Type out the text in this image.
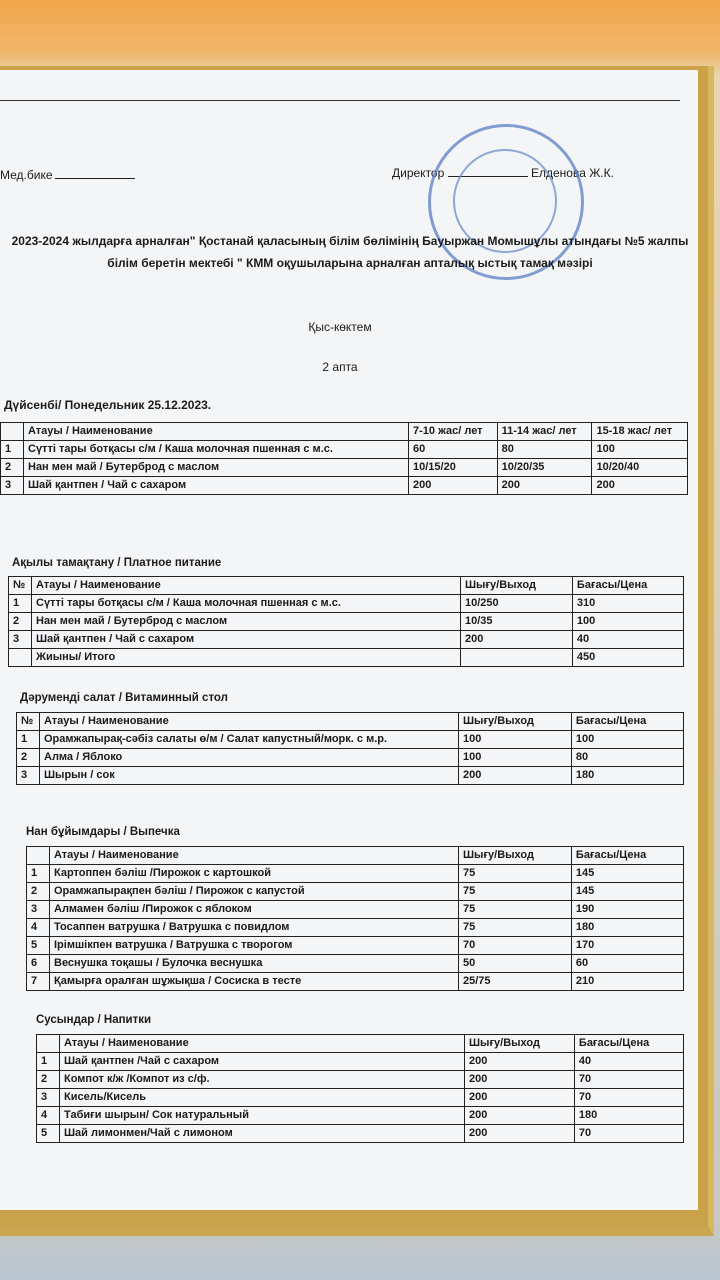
Мед.бике	Директор	Елденова Ж.К.
2023-2024 жылдарға арналған" Қостанай қаласының білім бөлімінің Бауыржан Момышұлы атындағы №5 жалпы білім беретін мектебі " КММ оқушыларына арналған апталық ыстық тамақ мәзірі
Қыс-көктем
2 апта
Дүйсенбі/ Понедельник 25.12.2023.
	Атауы / Наименование	7-10 жас/ лет	11-14 жас/ лет	15-18 жас/ лет
1	Сүтті тары ботқасы с/м / Каша молочная пшенная с м.с.	60	80	100
2	Нан мен май / Бутерброд с маслом	10/15/20	10/20/35	10/20/40
3	Шай қантпен / Чай с сахаром	200	200	200
Ақылы тамақтану / Платное питание
№	Атауы / Наименование	Шығу/Выход	Бағасы/Цена
1	Сүтті тары ботқасы с/м / Каша молочная пшенная с м.с.	10/250	310
2	Нан мен май / Бутерброд с маслом	10/35	100
3	Шай қантпен / Чай с сахаром	200	40
	Жиыны/ Итого		450
Дәрумендi салат / Витаминный стол
№	Атауы / Наименование	Шығу/Выход	Бағасы/Цена
1	Орамжапырақ-сәбіз салаты ө/м / Салат капустный/морк. с м.р.	100	100
2	Алма / Яблоко	100	80
3	Шырын / сок	200	180
Нан бұйымдары / Выпечка
	Атауы / Наименование	Шығу/Выход	Бағасы/Цена
1	Картоппен бәліш /Пирожок с картошкой	75	145
2	Орамжапырақпен бәліш / Пирожок с капустой	75	145
3	Алмамен бәліш /Пирожок с яблоком	75	190
4	Тосаппен ватрушка / Ватрушка с повидлом	75	180
5	Ірімшікпен ватрушка / Ватрушка с творогом	70	170
6	Веснушка тоқашы / Булочка веснушка	50	60
7	Қамырға оралған шұжықша / Сосиска в тесте	25/75	210
Сусындар / Напитки
	Атауы / Наименование	Шығу/Выход	Бағасы/Цена
1	Шай қантпен /Чай с сахаром	200	40
2	Компот к/ж /Компот из с/ф.	200	70
3	Кисель/Кисель	200	70
4	Табиғи шырын/ Сок натуральный	200	180
5	Шай лимонмен/Чай с лимоном	200	70
